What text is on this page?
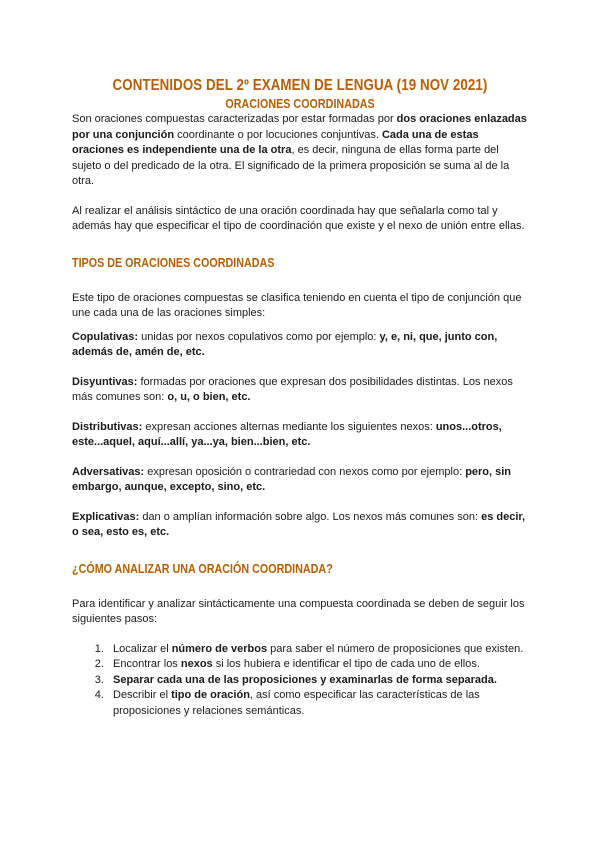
CONTENIDOS DEL 2º EXAMEN DE LENGUA (19 NOV 2021)
ORACIONES COORDINADAS

Son oraciones compuestas caracterizadas por estar formadas por dos oraciones enlazadas por una conjunción coordinante o por locuciones conjuntivas. Cada una de estas oraciones es independiente una de la otra, es decir, ninguna de ellas forma parte del sujeto o del predicado de la otra. El significado de la primera proposición se suma al de la otra.

Al realizar el análisis sintáctico de una oración coordinada hay que señalarla como tal y además hay que especificar el tipo de coordinación que existe y el nexo de unión entre ellas.

TIPOS DE ORACIONES COORDINADAS

Este tipo de oraciones compuestas se clasifica teniendo en cuenta el tipo de conjunción que une cada una de las oraciones simples:

Copulativas: unidas por nexos copulativos como por ejemplo: y, e, ni, que, junto con, además de, amén de, etc.

Disyuntivas: formadas por oraciones que expresan dos posibilidades distintas. Los nexos más comunes son: o, u, o bien, etc.

Distributivas: expresan acciones alternas mediante los siguientes nexos: unos...otros, este...aquel, aquí...allí, ya...ya, bien...bien, etc.

Adversativas: expresan oposición o contrariedad con nexos como por ejemplo: pero, sin embargo, aunque, excepto, sino, etc.

Explicativas: dan o amplían información sobre algo. Los nexos más comunes son: es decir, o sea, esto es, etc.

¿CÓMO ANALIZAR UNA ORACIÓN COORDINADA?

Para identificar y analizar sintácticamente una compuesta coordinada se deben de seguir los siguientes pasos:

1. Localizar el número de verbos para saber el número de proposiciones que existen.
2. Encontrar los nexos si los hubiera e identificar el tipo de cada uno de ellos.
3. Separar cada una de las proposiciones y examinarlas de forma separada.
4. Describir el tipo de oración, así como especificar las características de las proposiciones y relaciones semánticas.
